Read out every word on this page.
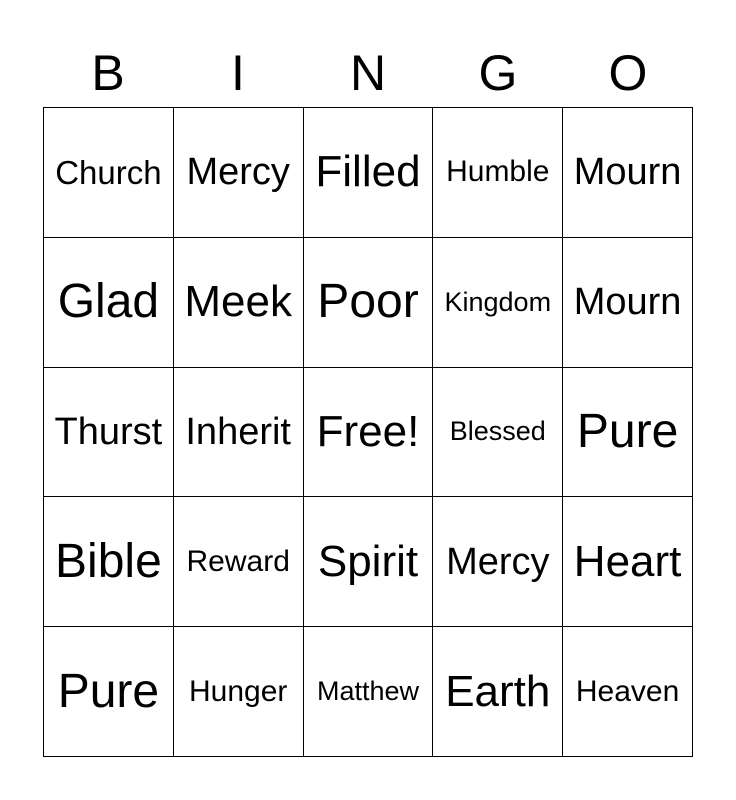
B	I	N	G	O
Church Mercy Filled Humble Mourn
Glad Meek Poor Kingdom Mourn
Thurst Inherit Free! Blessed Pure
Bible Reward Spirit Mercy Heart
Pure Hunger Matthew Earth Heaven
